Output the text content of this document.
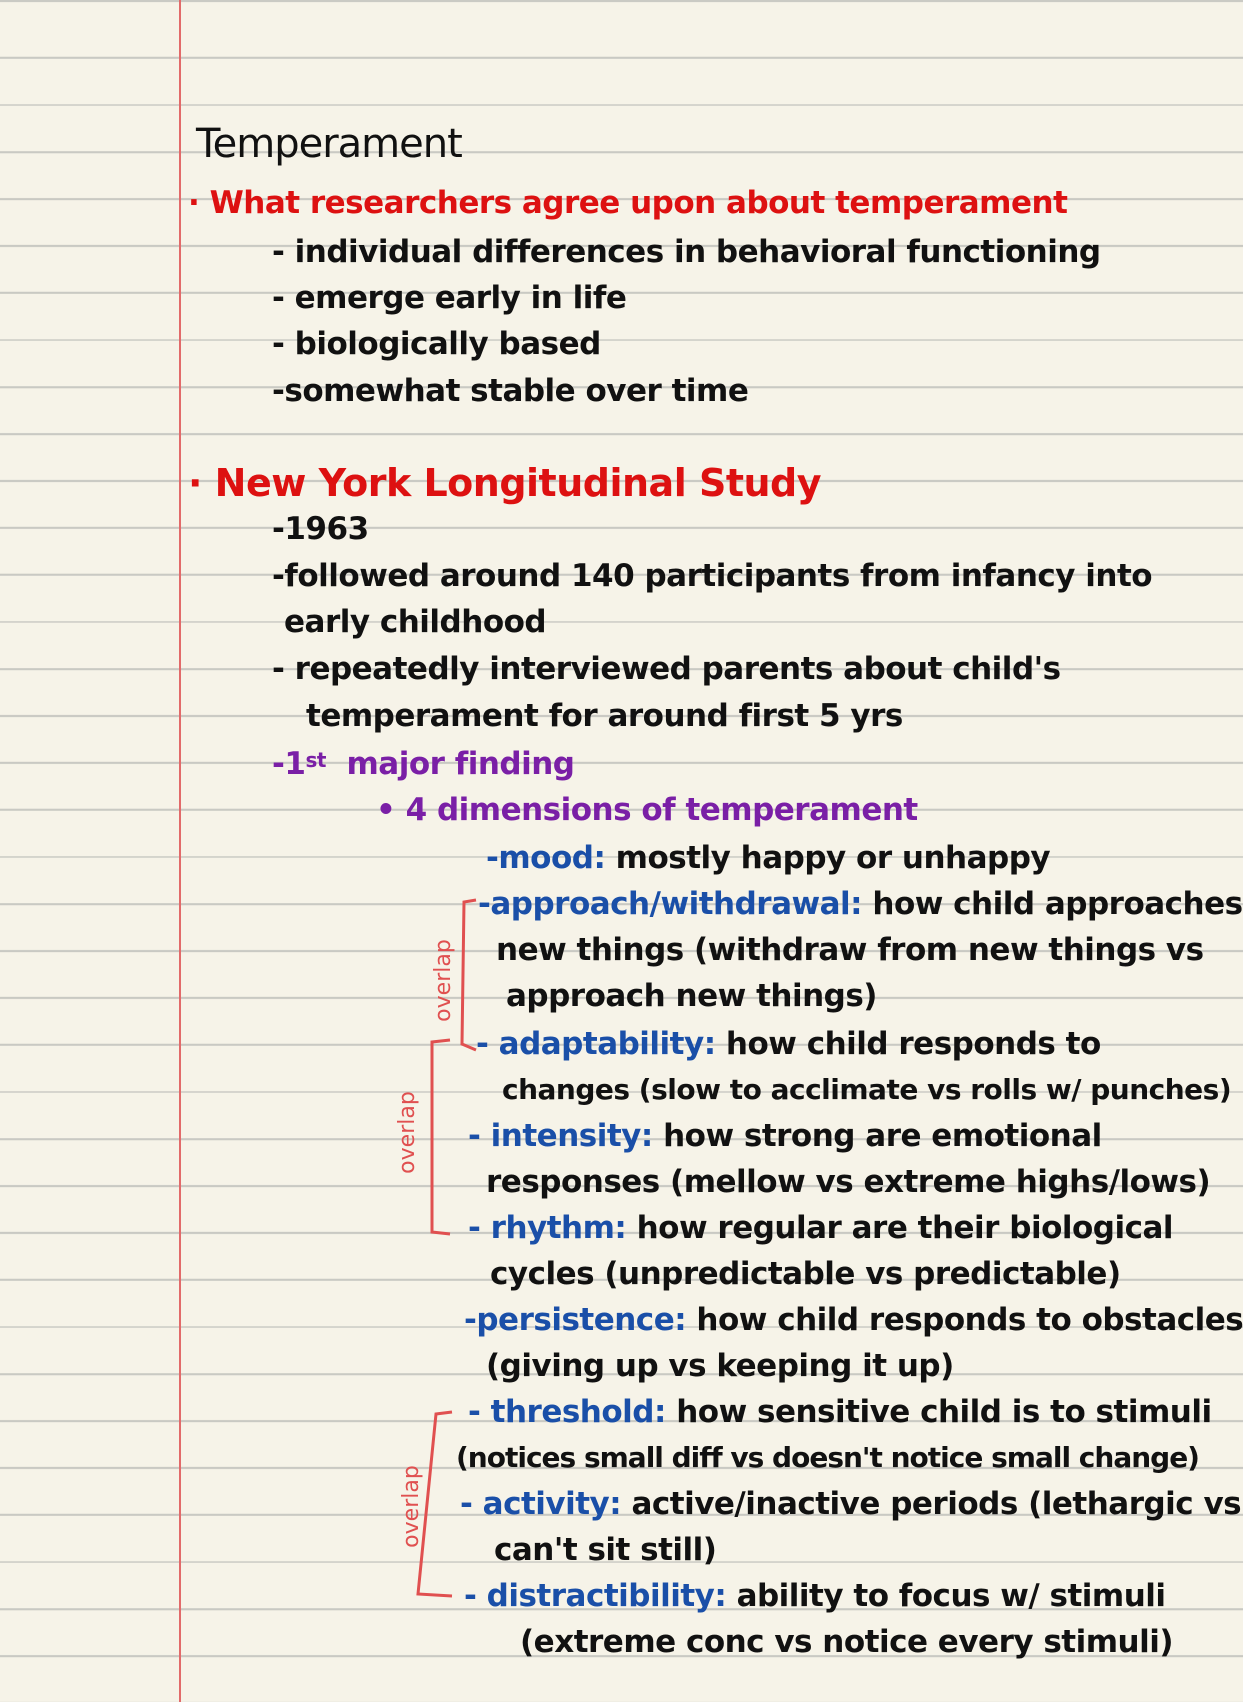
Temperament
· What researchers agree upon about temperament
- individual differences in behavioral functioning
- emerge early in life
- biologically based
-somewhat stable over time
· New York Longitudinal Study
-1963
-followed around 140 participants from infancy into
early childhood
- repeatedly interviewed parents about child's
temperament for around first 5 yrs
-1st major finding
• 4 dimensions of temperament
-mood: mostly happy or unhappy
-approach/withdrawal: how child approaches
new things (withdraw from new things vs
approach new things)
- adaptability: how child responds to
changes (slow to acclimate vs rolls w/ punches)
- intensity: how strong are emotional
responses (mellow vs extreme highs/lows)
- rhythm: how regular are their biological
cycles (unpredictable vs predictable)
-persistence: how child responds to obstacles
(giving up vs keeping it up)
- threshold: how sensitive child is to stimuli
(notices small diff vs doesn't notice small change)
- activity: active/inactive periods (lethargic vs
can't sit still)
- distractibility: ability to focus w/ stimuli
(extreme conc vs notice every stimuli)
overlap
overlap
overlap
